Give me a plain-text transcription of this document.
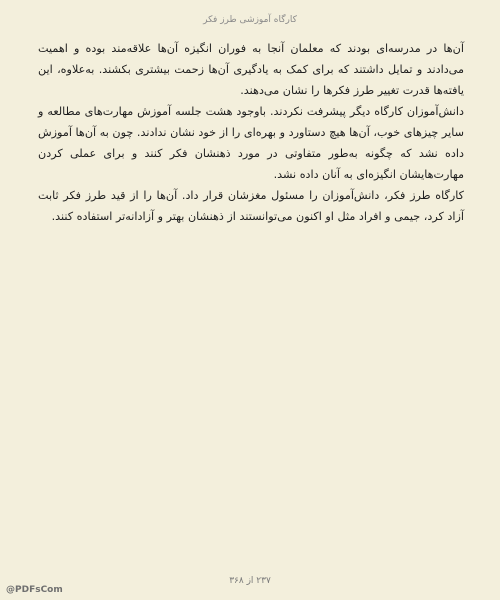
کارگاه آموزشی طرز فکر

آن‌ها در مدرسه‌ای بودند که معلمان آنجا به فوران انگیزه آن‌ها علاقه‌مند بوده و اهمیت می‌دادند و تمایل داشتند که برای کمک به یادگیری آن‌ها زحمت بیشتری بکشند. به‌علاوه، این یافته‌ها قدرت تغییر طرز فکرها را نشان می‌دهند.

دانش‌آموزان کارگاه دیگر پیشرفت نکردند. باوجود هشت جلسه آموزش مهارت‌های مطالعه و سایر چیزهای خوب، آن‌ها هیچ دستاورد و بهره‌ای را از خود نشان ندادند. چون به آن‌ها آموزش داده نشد که چگونه به‌طور متفاوتی در مورد ذهنشان فکر کنند و برای عملی کردن مهارت‌هایشان انگیزه‌ای به آنان داده نشد.

کارگاه طرز فکر، دانش‌آموزان را مسئول مغزشان قرار داد. آن‌ها را از قید طرز فکر ثابت آزاد کرد، جیمی و افراد مثل او اکنون می‌توانستند از ذهنشان بهتر و آزادانه‌تر استفاده کنند.

۲۳۷ از ۳۶۸
@PDFsCom
